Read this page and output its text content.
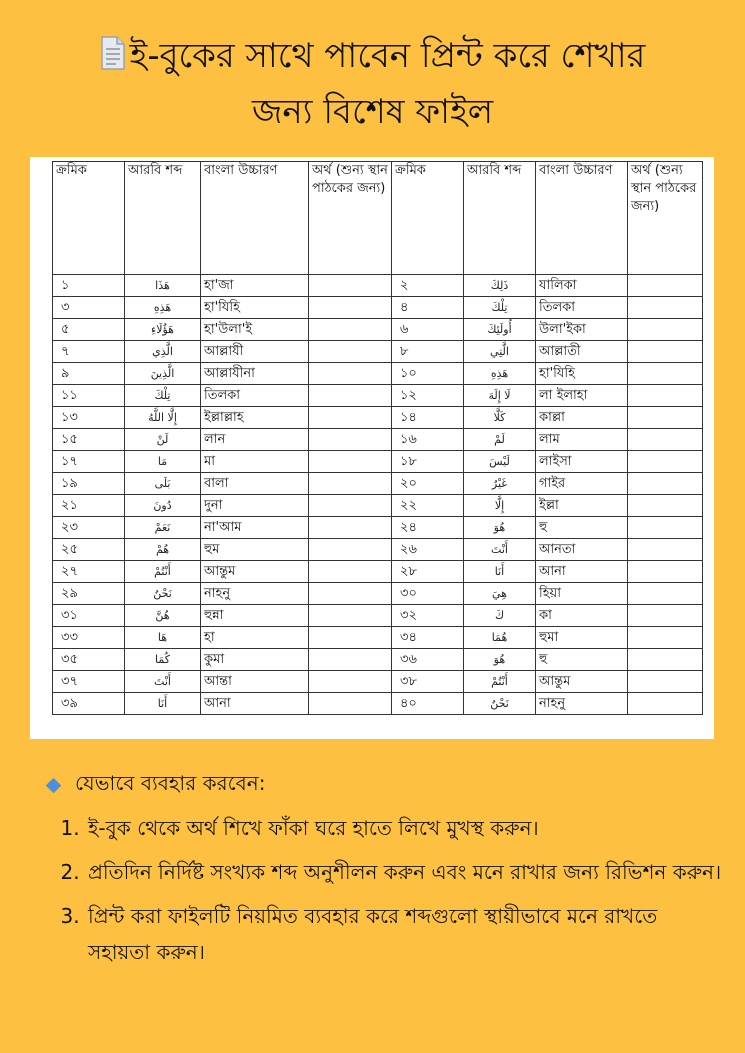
ই-বুকের সাথে পাবেন প্রিন্ট করে শেখার
জন্য বিশেষ ফাইল
ক্রমিক	আরবি শব্দ	বাংলা উচ্চারণ	অর্থ (শুন্য স্থান পাঠকের জন্য)	ক্রমিক	আরবি শব্দ	বাংলা উচ্চারণ	অর্থ (শুন্য স্থান পাঠকের জন্য)
১	هَذَا	হা'জা		২	ذَلِكَ	যালিকা	
৩	هَذِهِ	হা'যিহি		৪	تِلْكَ	তিলকা	
৫	هَؤُلَاءِ	হা'উলা'ই		৬	أُولَئِكَ	উলা'ইকা	
৭	الَّذِي	আল্লাযী		৮	الَّتِي	আল্লাতী	
৯	الَّذِينَ	আল্লাযীনা		১০	هَذِهِ	হা'যিহি	
১১	تِلْكَ	তিলকা		১২	لَا إِلَهَ	লা ইলাহা	
১৩	إِلَّا اللَّهُ	ইল্লাল্লাহ		১৪	كَلَّا	কাল্লা	
১৫	لَنْ	লান		১৬	لَمْ	লাম	
১৭	مَا	মা		১৮	لَيْسَ	লাইসা	
১৯	بَلَى	বালা		২০	غَيْرُ	গাইর	
২১	دُونَ	দুনা		২২	إِلَّا	ইল্লা	
২৩	نَعَمْ	না'আম		২৪	هُوَ	হু	
২৫	هُمْ	হুম		২৬	أَنْتَ	আনতা	
২৭	أَنْتُمْ	আন্তুম		২৮	أَنَا	আনা	
২৯	نَحْنُ	নাহনু		৩০	هِيَ	হিয়া	
৩১	هُنَّ	হুন্না		৩২	كَ	কা	
৩৩	هَا	হা		৩৪	هُمَا	হুমা	
৩৫	كُمَا	কুমা		৩৬	هُوَ	হু	
৩৭	أَنْتَ	আন্তা		৩৮	أَنْتُمْ	আন্তুম	
৩৯	أَنَا	আনা		৪০	نَحْنُ	নাহনু	
যেভাবে ব্যবহার করবেন:
1. ই-বুক থেকে অর্থ শিখে ফাঁকা ঘরে হাতে লিখে মুখস্থ করুন।
2. প্রতিদিন নির্দিষ্ট সংখ্যক শব্দ অনুশীলন করুন এবং মনে রাখার জন্য রিভিশন করুন।
3. প্রিন্ট করা ফাইলটি নিয়মিত ব্যবহার করে শব্দগুলো স্থায়ীভাবে মনে রাখতে সহায়তা করুন।
